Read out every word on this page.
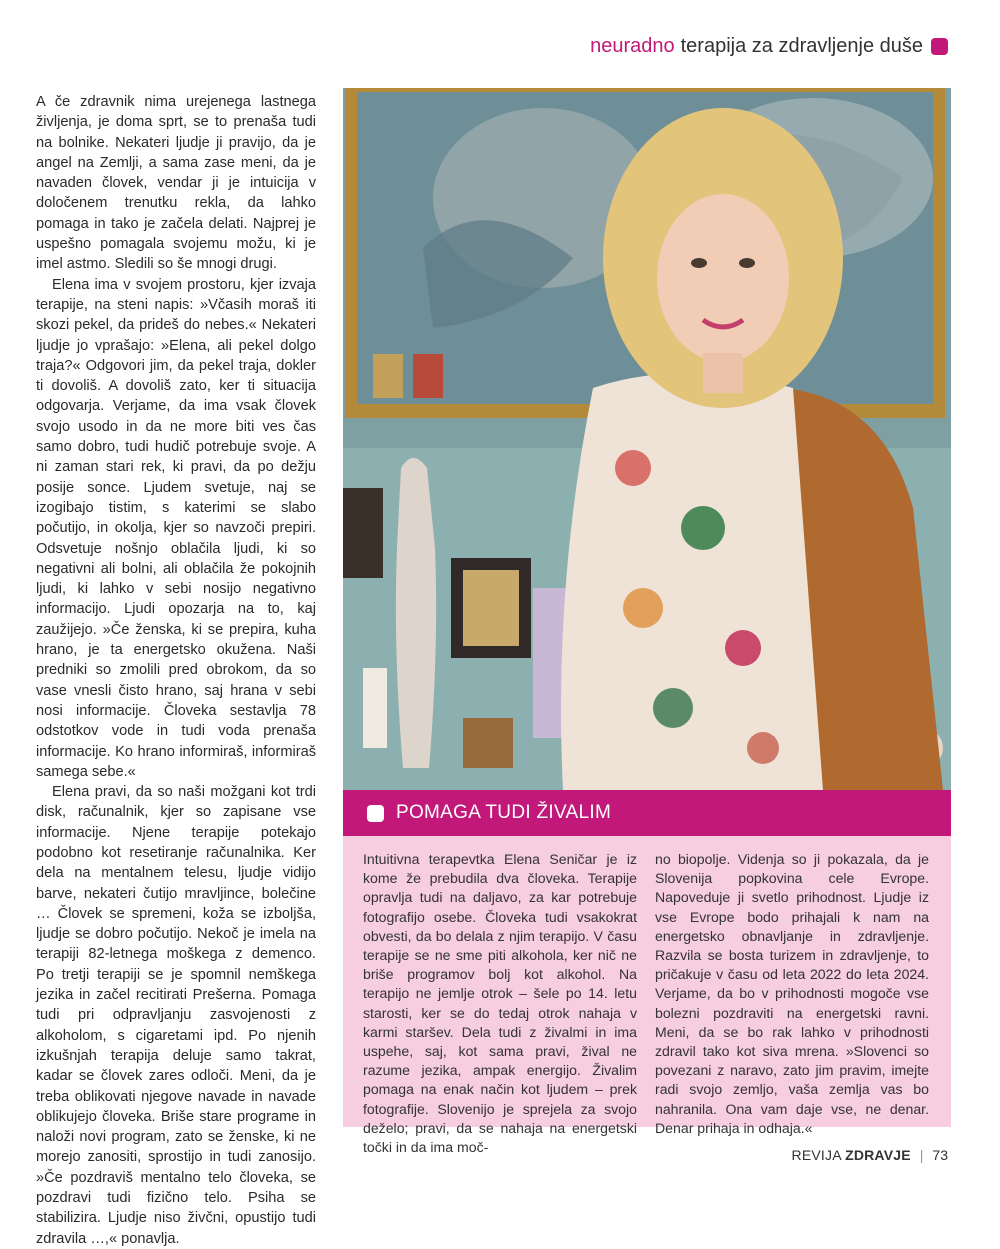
neuradno terapija za zdravljenje duše

A če zdravnik nima urejenega lastnega življenja, je doma sprt, se to prenaša tudi na bolnike. Nekateri ljudje ji pravijo, da je angel na Zemlji, a sama zase meni, da je navaden človek, vendar ji je intuicija v določenem trenutku rekla, da lahko pomaga in tako je začela delati. Najprej je uspešno pomagala svojemu možu, ki je imel astmo. Sledili so še mnogi drugi.

Elena ima v svojem prostoru, kjer izvaja terapije, na steni napis: »Včasih moraš iti skozi pekel, da prideš do nebes.« Nekateri ljudje jo vprašajo: »Elena, ali pekel dolgo traja?« Odgovori jim, da pekel traja, dokler ti dovoliš. A dovoliš zato, ker ti situacija odgovarja. Verjame, da ima vsak človek svojo usodo in da ne more biti ves čas samo dobro, tudi hudič potrebuje svoje. A ni zaman stari rek, ki pravi, da po dežju posije sonce. Ljudem svetuje, naj se izogibajo tistim, s katerimi se slabo počutijo, in okolja, kjer so navzoči prepiri. Odsvetuje nošnjo oblačila ljudi, ki so negativni ali bolni, ali oblačila že pokojnih ljudi, ki lahko v sebi nosijo negativno informacijo. Ljudi opozarja na to, kaj zaužijejo. »Če ženska, ki se prepira, kuha hrano, je ta energetsko okužena. Naši predniki so zmolili pred obrokom, da so vase vnesli čisto hrano, saj hrana v sebi nosi informacije. Človeka sestavlja 78 odstotkov vode in tudi voda prenaša informacije. Ko hrano informiraš, informiraš samega sebe.«

Elena pravi, da so naši možgani kot trdi disk, računalnik, kjer so zapisane vse informacije. Njene terapije potekajo podobno kot resetiranje računalnika. Ker dela na mentalnem telesu, ljudje vidijo barve, nekateri čutijo mravljince, bolečine … Človek se spremeni, koža se izboljša, ljudje se dobro počutijo. Nekoč je imela na terapiji 82-letnega moškega z demenco. Po tretji terapiji se je spomnil nemškega jezika in začel recitirati Prešerna. Pomaga tudi pri odpravljanju zasvojenosti z alkoholom, s cigaretami ipd. Po njenih izkušnjah terapija deluje samo takrat, kadar se človek zares odloči. Meni, da je treba oblikovati njegove navade in navade oblikujejo človeka. Briše stare programe in naloži novi program, zato se ženske, ki ne morejo zanositi, sprostijo in tudi zanosijo. »Če pozdraviš mentalno telo človeka, se pozdravi tudi fizično telo. Psiha se stabilizira. Ljudje niso živčni, opustijo tudi zdravila …,« ponavlja.

POMAGA TUDI ŽIVALIM
Intuitivna terapevtka Elena Seničar je iz kome že prebudila dva človeka. Terapije opravlja tudi na daljavo, za kar potrebuje fotografijo osebe. Človeka tudi vsakokrat obvesti, da bo delala z njim terapijo. V času terapije se ne sme piti alkohola, ker nič ne briše programov bolj kot alkohol. Na terapijo ne jemlje otrok – šele po 14. letu starosti, ker se do tedaj otrok nahaja v karmi staršev. Dela tudi z živalmi in ima uspehe, saj, kot sama pravi, žival ne razume jezika, ampak energijo. Živalim pomaga na enak način kot ljudem – prek fotografije. Slovenijo je sprejela za svojo deželo; pravi, da se nahaja na energetski točki in da ima moč-
no biopolje. Videnja so ji pokazala, da je Slovenija popkovina cele Evrope. Napoveduje ji svetlo prihodnost. Ljudje iz vse Evrope bodo prihajali k nam na energetsko obnavljanje in zdravljenje. Razvila se bosta turizem in zdravljenje, to pričakuje v času od leta 2022 do leta 2024. Verjame, da bo v prihodnosti mogoče vse bolezni pozdraviti na energetski ravni. Meni, da se bo rak lahko v prihodnosti zdravil tako kot siva mrena. »Slovenci so povezani z naravo, zato jim pravim, imejte radi svojo zemljo, vaša zemlja vas bo nahranila. Ona vam daje vse, ne denar. Denar prihaja in odhaja.«
REVIJA ZDRAVJE | 73
